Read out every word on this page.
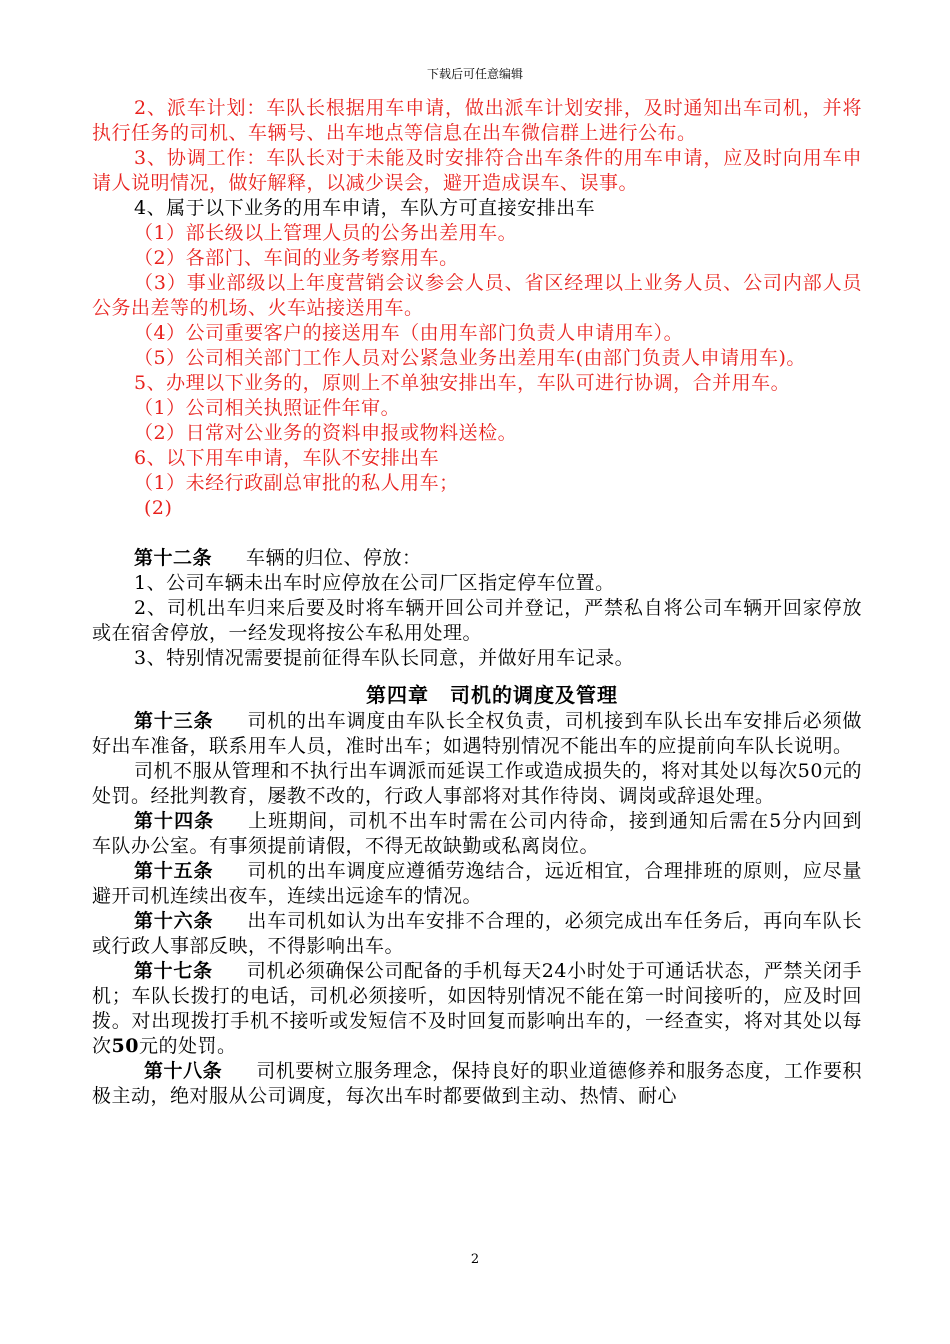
下载后可任意编辑

2、派车计划：车队长根据用车申请，做出派车计划安排，及时通知出车司机，并将执行任务的司机、车辆号、出车地点等信息在出车微信群上进行公布。

3、协调工作：车队长对于未能及时安排符合出车条件的用车申请，应及时向用车申请人说明情况，做好解释，以减少误会，避开造成误车、误事。

4、属于以下业务的用车申请，车队方可直接安排出车

（1）部长级以上管理人员的公务出差用车。

（2）各部门、车间的业务考察用车。

（3）事业部级以上年度营销会议参会人员、省区经理以上业务人员、公司内部人员公务出差等的机场、火车站接送用车。

（4）公司重要客户的接送用车（由用车部门负责人申请用车）。

（5）公司相关部门工作人员对公紧急业务出差用车(由部门负责人申请用车)。

5、办理以下业务的，原则上不单独安排出车，车队可进行协调，合并用车。

（1）公司相关执照证件年审。

（2）日常对公业务的资料申报或物料送检。

6、以下用车申请，车队不安排出车

（1）未经行政副总审批的私人用车；

(2)

第十二条 车辆的归位、停放：

1、公司车辆未出车时应停放在公司厂区指定停车位置。

2、司机出车归来后要及时将车辆开回公司并登记，严禁私自将公司车辆开回家停放或在宿舍停放，一经发现将按公车私用处理。

3、特别情况需要提前征得车队长同意，并做好用车记录。

第四章　司机的调度及管理

第十三条 司机的出车调度由车队长全权负责，司机接到车队长出车安排后必须做好出车准备，联系用车人员，准时出车；如遇特别情况不能出车的应提前向车队长说明。

司机不服从管理和不执行出车调派而延误工作或造成损失的，将对其处以每次50元的处罚。经批判教育，屡教不改的，行政人事部将对其作待岗、调岗或辞退处理。

第十四条 上班期间，司机不出车时需在公司内待命，接到通知后需在5分内回到车队办公室。有事须提前请假，不得无故缺勤或私离岗位。

第十五条 司机的出车调度应遵循劳逸结合，远近相宜，合理排班的原则，应尽量避开司机连续出夜车，连续出远途车的情况。

第十六条 出车司机如认为出车安排不合理的，必须完成出车任务后，再向车队长或行政人事部反映，不得影响出车。

第十七条 司机必须确保公司配备的手机每天24小时处于可通话状态，严禁关闭手机；车队长拨打的电话，司机必须接听，如因特别情况不能在第一时间接听的，应及时回拨。对出现拨打手机不接听或发短信不及时回复而影响出车的，一经查实，将对其处以每次50元的处罚。

第十八条 司机要树立服务理念，保持良好的职业道德修养和服务态度，工作要积极主动，绝对服从公司调度，每次出车时都要做到主动、热情、耐心

2
